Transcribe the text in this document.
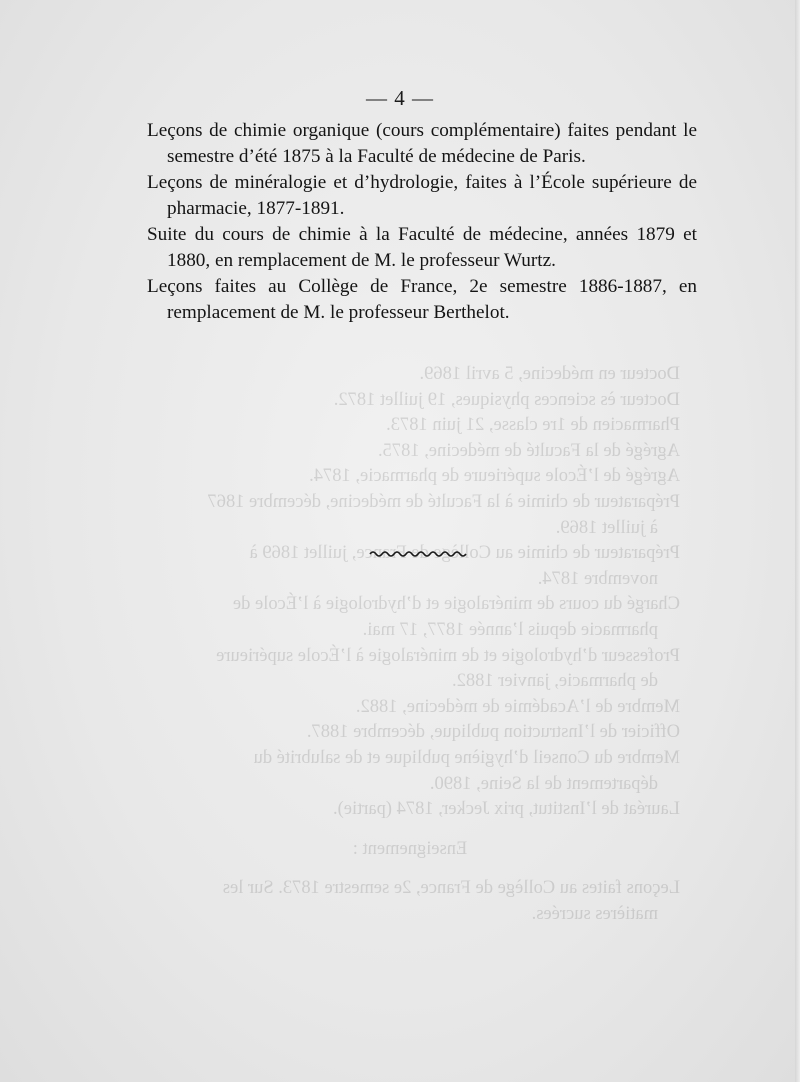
Docteur en médecine, 5 avril 1869.

Docteur ès sciences physiques, 19 juillet 1872.

Pharmacien de 1re classe, 21 juin 1873.

Agrégé de la Faculté de médecine, 1875.

Agrégé de l’École supérieure de pharmacie, 1874.

Préparateur de chimie à la Faculté de médecine, décembre 1867

à juillet 1869.

Préparateur de chimie au Collège de France, juillet 1869 à

novembre 1874.

Chargé du cours de minéralogie et d’hydrologie à l’École de

pharmacie depuis l’année 1877, 17 mai.

Professeur d’hydrologie et de minéralogie à l’École supérieure

de pharmacie, janvier 1882.

Membre de l’Académie de médecine, 1882.

Officier de l’Instruction publique, décembre 1887.

Membre du Conseil d’hygiène publique et de salubrité du

département de la Seine, 1890.

Lauréat de l’Institut, prix Jecker, 1874 (partie).

Enseignement :

Leçons faites au Collège de France, 2e semestre 1873. Sur les

matières sucrées.

— 4 —

Leçons de chimie organique (cours complémentaire) faites pendant le semestre d’été 1875 à la Faculté de médecine de Paris.

Leçons de minéralogie et d’hydrologie, faites à l’École supérieure de pharmacie, 1877-1891.

Suite du cours de chimie à la Faculté de médecine, années 1879 et 1880, en remplacement de M. le professeur Wurtz.

Leçons faites au Collège de France, 2e semestre 1886-1887, en remplacement de M. le professeur Berthelot.
